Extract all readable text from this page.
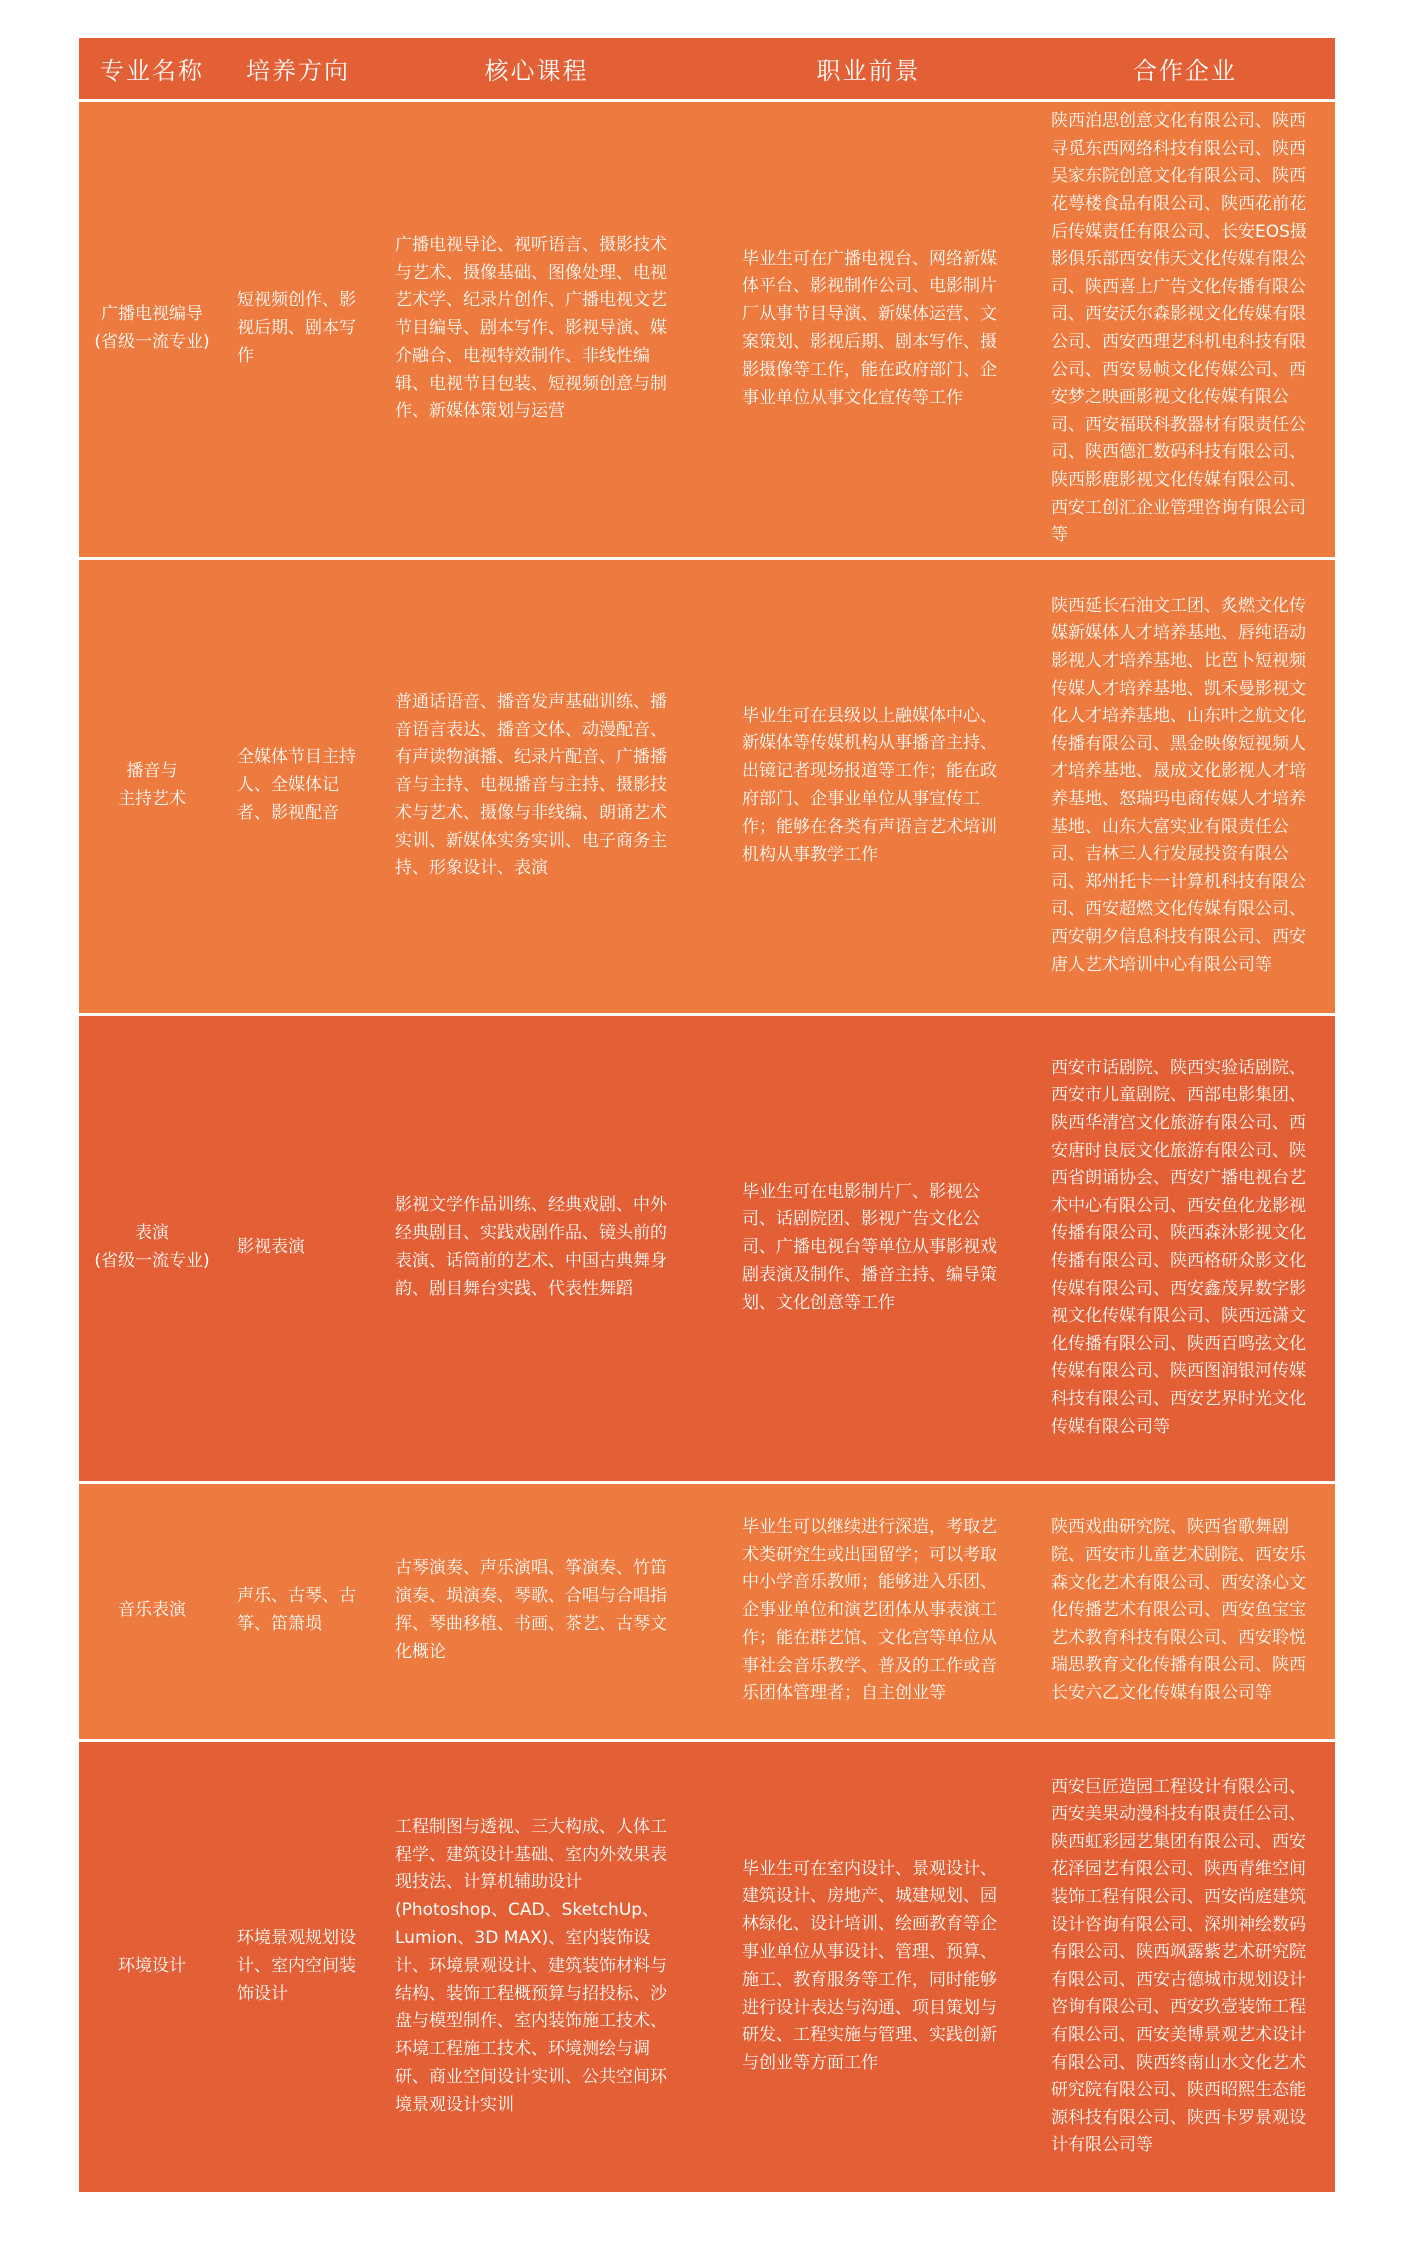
专业名称	培养方向	核心课程	职业前景	合作企业

广播电视编导
(省级一流专业)	短视频创作、影视后期、剧本写作	广播电视导论、视听语言、摄影技术与艺术、摄像基础、图像处理、电视艺术学、纪录片创作、广播电视文艺节目编导、剧本写作、影视导演、媒介融合、电视特效制作、非线性编辑、电视节目包装、短视频创意与制作、新媒体策划与运营	毕业生可在广播电视台、网络新媒体平台、影视制作公司、电影制片厂从事节目导演、新媒体运营、文案策划、影视后期、剧本写作、摄影摄像等工作，能在政府部门、企事业单位从事文化宣传等工作	陕西泊思创意文化有限公司、陕西寻觅东西网络科技有限公司、陕西吴家东院创意文化有限公司、陕西花萼楼食品有限公司、陕西花前花后传媒责任有限公司、长安EOS摄影俱乐部西安伟天文化传媒有限公司、陕西喜上广告文化传播有限公司、西安沃尔森影视文化传媒有限公司、西安西理艺科机电科技有限公司、西安易帧文化传媒公司、西安梦之映画影视文化传媒有限公司、西安福联科教器材有限责任公司、陕西德汇数码科技有限公司、陕西影鹿影视文化传媒有限公司、西安工创汇企业管理咨询有限公司等

播音与
主持艺术	全媒体节目主持人、全媒体记者、影视配音	普通话语音、播音发声基础训练、播音语言表达、播音文体、动漫配音、有声读物演播、纪录片配音、广播播音与主持、电视播音与主持、摄影技术与艺术、摄像与非线编、朗诵艺术实训、新媒体实务实训、电子商务主持、形象设计、表演	毕业生可在县级以上融媒体中心、新媒体等传媒机构从事播音主持、出镜记者现场报道等工作；能在政府部门、企事业单位从事宣传工作；能够在各类有声语言艺术培训机构从事教学工作	陕西延长石油文工团、炙燃文化传媒新媒体人才培养基地、唇纯语动影视人才培养基地、比芭卜短视频传媒人才培养基地、凯禾曼影视文化人才培养基地、山东叶之航文化传播有限公司、黑金映像短视频人才培养基地、晟成文化影视人才培养基地、怒瑞玛电商传媒人才培养基地、山东大富实业有限责任公司、吉林三人行发展投资有限公司、郑州托卡一计算机科技有限公司、西安超燃文化传媒有限公司、西安朝夕信息科技有限公司、西安唐人艺术培训中心有限公司等

表演
(省级一流专业)	影视表演	影视文学作品训练、经典戏剧、中外经典剧目、实践戏剧作品、镜头前的表演、话筒前的艺术、中国古典舞身韵、剧目舞台实践、代表性舞蹈	毕业生可在电影制片厂、影视公司、话剧院团、影视广告文化公司、广播电视台等单位从事影视戏剧表演及制作、播音主持、编导策划、文化创意等工作	西安市话剧院、陕西实验话剧院、西安市儿童剧院、西部电影集团、陕西华清宫文化旅游有限公司、西安唐时良辰文化旅游有限公司、陕西省朗诵协会、西安广播电视台艺术中心有限公司、西安鱼化龙影视传播有限公司、陕西森沐影视文化传播有限公司、陕西格研众影文化传媒有限公司、西安鑫茂昇数字影视文化传媒有限公司、陕西远潇文化传播有限公司、陕西百鸣弦文化传媒有限公司、陕西图润银河传媒科技有限公司、西安艺界时光文化传媒有限公司等

音乐表演	声乐、古琴、古筝、笛箫埙	古琴演奏、声乐演唱、筝演奏、竹笛演奏、埙演奏、琴歌、合唱与合唱指挥、琴曲移植、书画、茶艺、古琴文化概论	毕业生可以继续进行深造，考取艺术类研究生或出国留学；可以考取中小学音乐教师；能够进入乐团、企事业单位和演艺团体从事表演工作；能在群艺馆、文化宫等单位从事社会音乐教学、普及的工作或音乐团体管理者；自主创业等	陕西戏曲研究院、陕西省歌舞剧院、西安市儿童艺术剧院、西安乐森文化艺术有限公司、西安涤心文化传播艺术有限公司、西安鱼宝宝艺术教育科技有限公司、西安聆悦瑞思教育文化传播有限公司、陕西长安六乙文化传媒有限公司等

环境设计	环境景观规划设计、室内空间装饰设计	工程制图与透视、三大构成、人体工程学、建筑设计基础、室内外效果表现技法、计算机辅助设计(Photoshop、CAD、SketchUp、Lumion、3D MAX)、室内装饰设计、环境景观设计、建筑装饰材料与结构、装饰工程概预算与招投标、沙盘与模型制作、室内装饰施工技术、环境工程施工技术、环境测绘与调研、商业空间设计实训、公共空间环境景观设计实训	毕业生可在室内设计、景观设计、建筑设计、房地产、城建规划、园林绿化、设计培训、绘画教育等企事业单位从事设计、管理、预算、施工、教育服务等工作，同时能够进行设计表达与沟通、项目策划与研发、工程实施与管理、实践创新与创业等方面工作	西安巨匠造园工程设计有限公司、西安美果动漫科技有限责任公司、陕西虹彩园艺集团有限公司、西安花泽园艺有限公司、陕西青维空间装饰工程有限公司、西安尚庭建筑设计咨询有限公司、深圳神绘数码有限公司、陕西飒露紫艺术研究院有限公司、西安古德城市规划设计咨询有限公司、西安玖壹装饰工程有限公司、西安美博景观艺术设计有限公司、陕西终南山水文化艺术研究院有限公司、陕西昭熙生态能源科技有限公司、陕西卡罗景观设计有限公司等
